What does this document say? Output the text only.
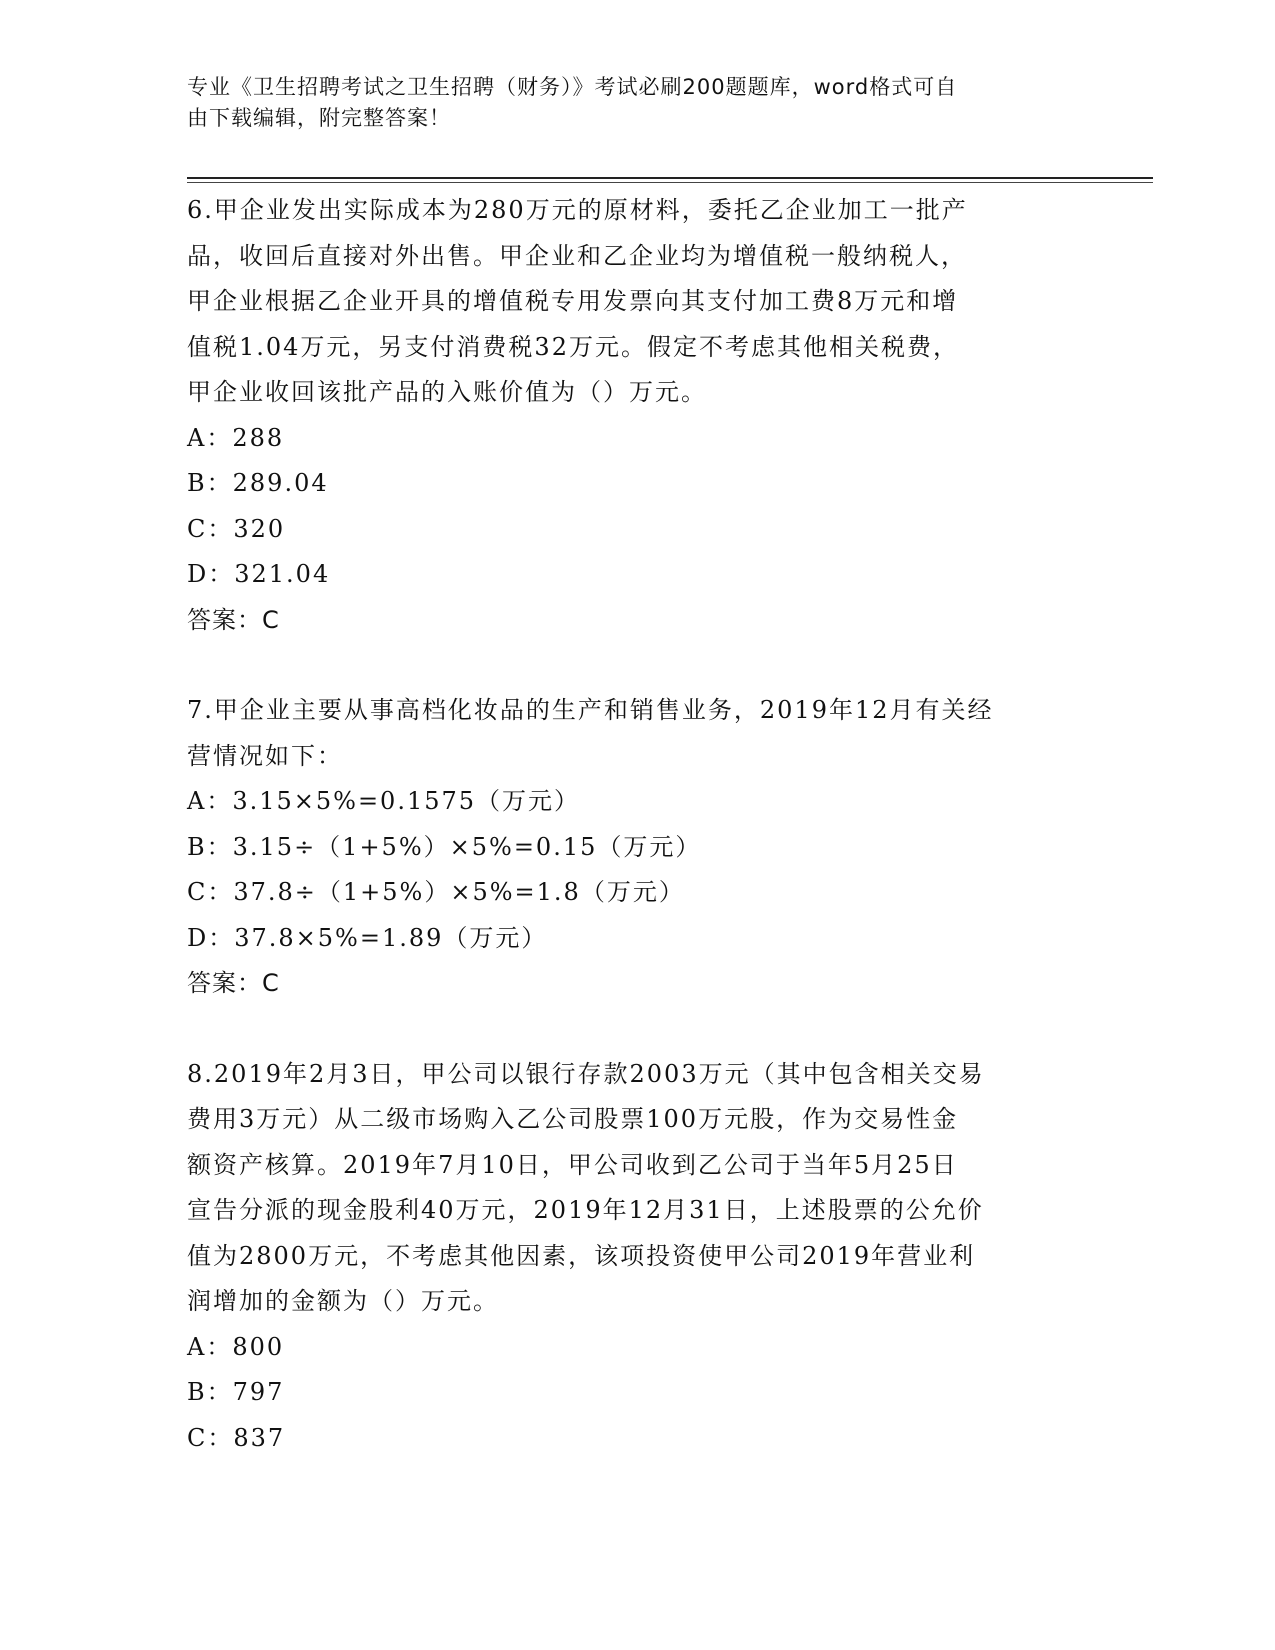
专业《卫生招聘考试之卫生招聘（财务）》考试必刷200题题库，word格式可自
由下载编辑，附完整答案！
6.甲企业发出实际成本为280万元的原材料，委托乙企业加工一批产
品，收回后直接对外出售。甲企业和乙企业均为增值税一般纳税人，
甲企业根据乙企业开具的增值税专用发票向其支付加工费8万元和增
值税1.04万元，另支付消费税32万元。假定不考虑其他相关税费，
甲企业收回该批产品的入账价值为（）万元。
A：288
B：289.04
C：320
D：321.04
答案：C
7.甲企业主要从事高档化妆品的生产和销售业务，2019年12月有关经
营情况如下：
A：3.15×5%=0.1575（万元）
B：3.15÷（1+5%）×5%=0.15（万元）
C：37.8÷（1+5%）×5%=1.8（万元）
D：37.8×5%=1.89（万元）
答案：C
8.2019年2月3日，甲公司以银行存款2003万元（其中包含相关交易
费用3万元）从二级市场购入乙公司股票100万元股，作为交易性金
额资产核算。2019年7月10日，甲公司收到乙公司于当年5月25日
宣告分派的现金股利40万元，2019年12月31日，上述股票的公允价
值为2800万元，不考虑其他因素，该项投资使甲公司2019年营业利
润增加的金额为（）万元。
A：800
B：797
C：837
